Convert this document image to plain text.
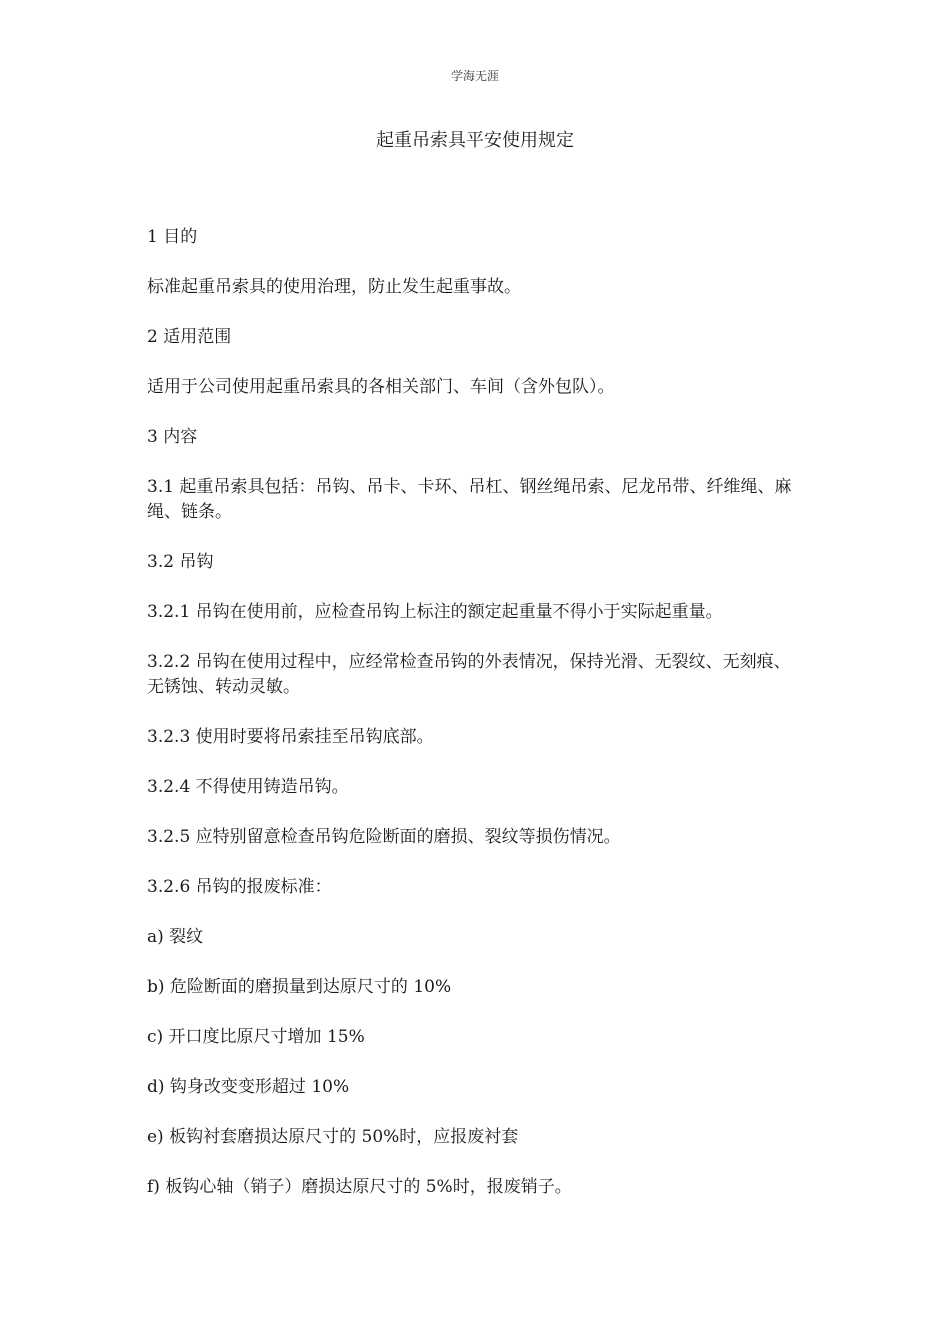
学海无涯
起重吊索具平安使用规定

1 目的

标准起重吊索具的使用治理，防止发生起重事故。

2 适用范围

适用于公司使用起重吊索具的各相关部门、车间（含外包队）。

3 内容

3.1 起重吊索具包括：吊钩、吊卡、卡环、吊杠、钢丝绳吊索、尼龙吊带、纤维绳、麻绳、链条。

3.2 吊钩

3.2.1 吊钩在使用前，应检查吊钩上标注的额定起重量不得小于实际起重量。

3.2.2 吊钩在使用过程中，应经常检查吊钩的外表情况，保持光滑、无裂纹、无刻痕、无锈蚀、转动灵敏。

3.2.3 使用时要将吊索挂至吊钩底部。

3.2.4 不得使用铸造吊钩。

3.2.5 应特别留意检查吊钩危险断面的磨损、裂纹等损伤情况。

3.2.6 吊钩的报废标准：

a) 裂纹

b) 危险断面的磨损量到达原尺寸的 10%

c) 开口度比原尺寸增加 15%

d) 钩身改变变形超过 10%

e) 板钩衬套磨损达原尺寸的 50%时，应报废衬套

f) 板钩心轴（销子）磨损达原尺寸的 5%时，报废销子。
